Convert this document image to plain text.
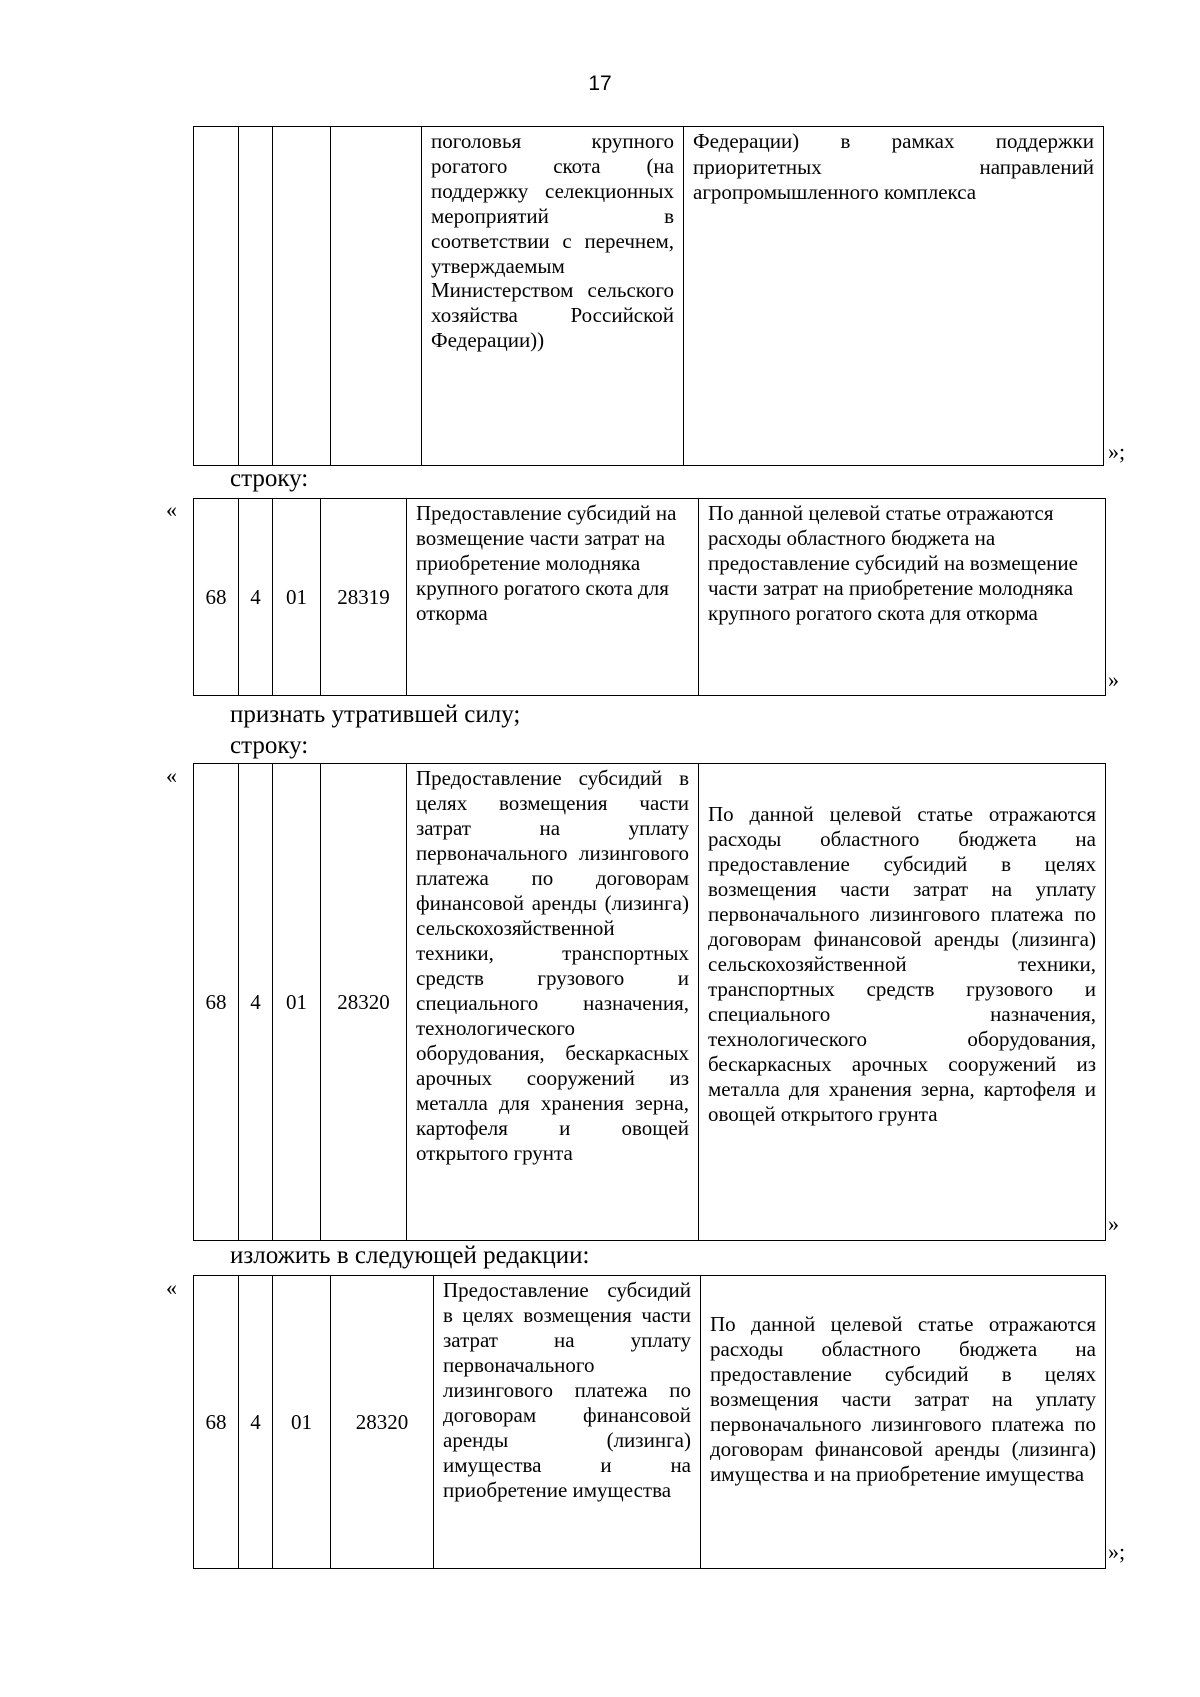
17
				поголовья крупного рогатого скота (на поддержку селекционных мероприятий в соответствии с перечнем, утверждаемым Министерством сельского хозяйства Российской Федерации))	Федерации) в рамках поддержки приоритетных направлений агропромышленного комплекса
»;
строку:
«
68	4	01	28319	Предоставление субсидий на возмещение части затрат на приобретение молодняка крупного рогатого скота для откорма	По данной целевой статье отражаются расходы областного бюджета на предоставление субсидий на возмещение части затрат на приобретение молодняка крупного рогатого скота для откорма
»
признать утратившей силу;
строку:
«
68	4	01	28320	Предоставление субсидий в целях возмещения части затрат на уплату первоначального лизингового платежа по договорам финансовой аренды (лизинга) сельскохозяйственной техники, транспортных средств грузового и специального назначения, технологического оборудования, бескаркасных арочных сооружений из металла для хранения зерна, картофеля и овощей открытого грунта	По данной целевой статье отражаются расходы областного бюджета на предоставление субсидий в целях возмещения части затрат на уплату первоначального лизингового платежа по договорам финансовой аренды (лизинга) сельскохозяйственной техники, транспортных средств грузового и специального назначения, технологического оборудования, бескаркасных арочных сооружений из металла для хранения зерна, картофеля и овощей открытого грунта
»
изложить в следующей редакции:
«
68	4	01	28320	Предоставление субсидий в целях возмещения части затрат на уплату первоначального лизингового платежа по договорам финансовой аренды (лизинга) имущества и на приобретение имущества	По данной целевой статье отражаются расходы областного бюджета на предоставление субсидий в целях возмещения части затрат на уплату первоначального лизингового платежа по договорам финансовой аренды (лизинга) имущества и на приобретение имущества
»;
